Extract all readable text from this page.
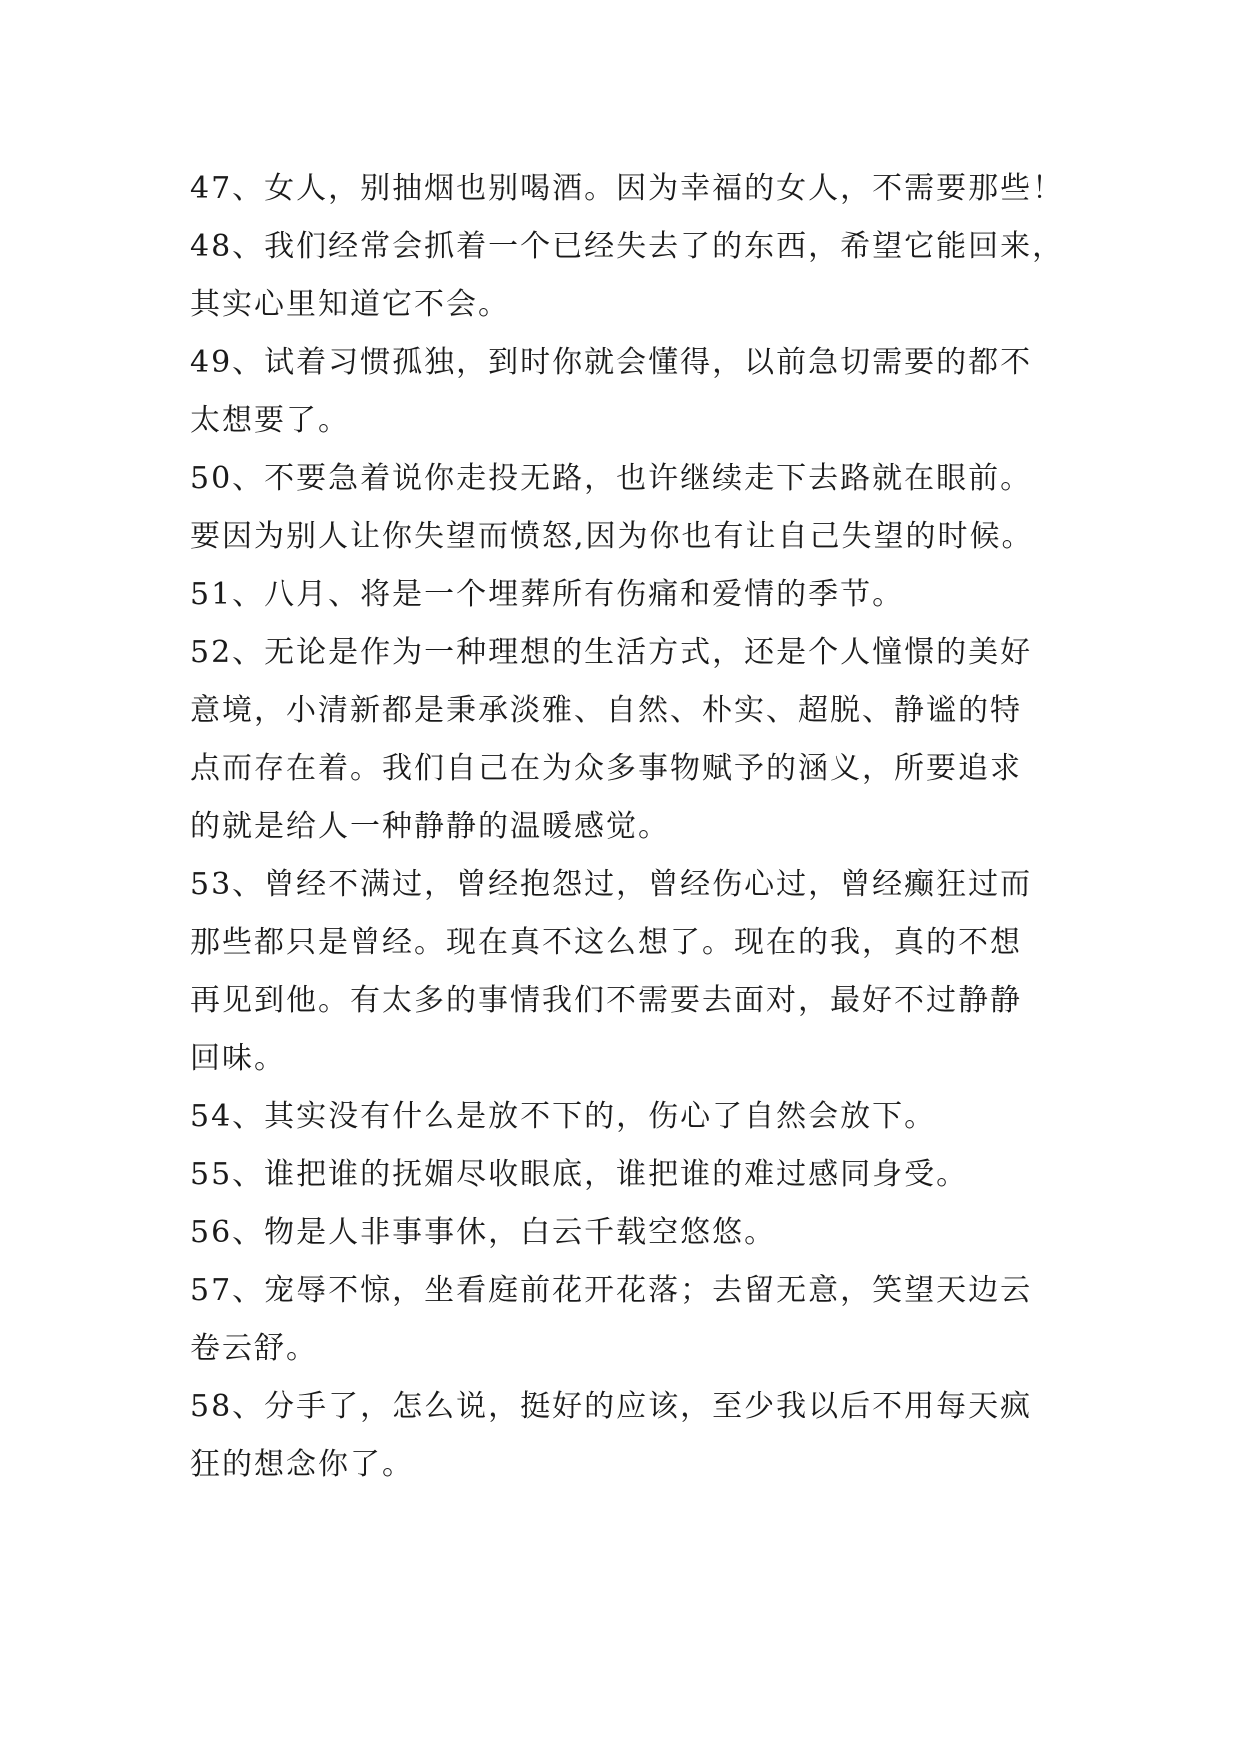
47、女人，别抽烟也别喝酒。因为幸福的女人，不需要那些！
48、我们经常会抓着一个已经失去了的东西，希望它能回来，
其实心里知道它不会。
49、试着习惯孤独，到时你就会懂得，以前急切需要的都不
太想要了。
50、不要急着说你走投无路，也许继续走下去路就在眼前。
要因为别人让你失望而愤怒,因为你也有让自己失望的时候。
51、八月、将是一个埋葬所有伤痛和爱情的季节。
52、无论是作为一种理想的生活方式，还是个人憧憬的美好
意境，小清新都是秉承淡雅、自然、朴实、超脱、静谧的特
点而存在着。我们自己在为众多事物赋予的涵义，所要追求
的就是给人一种静静的温暖感觉。
53、曾经不满过，曾经抱怨过，曾经伤心过，曾经癫狂过而
那些都只是曾经。现在真不这么想了。现在的我，真的不想
再见到他。有太多的事情我们不需要去面对，最好不过静静
回味。
54、其实没有什么是放不下的，伤心了自然会放下。
55、谁把谁的抚媚尽收眼底，谁把谁的难过感同身受。
56、物是人非事事休，白云千载空悠悠。
57、宠辱不惊，坐看庭前花开花落；去留无意，笑望天边云
卷云舒。
58、分手了，怎么说，挺好的应该，至少我以后不用每天疯
狂的想念你了。
